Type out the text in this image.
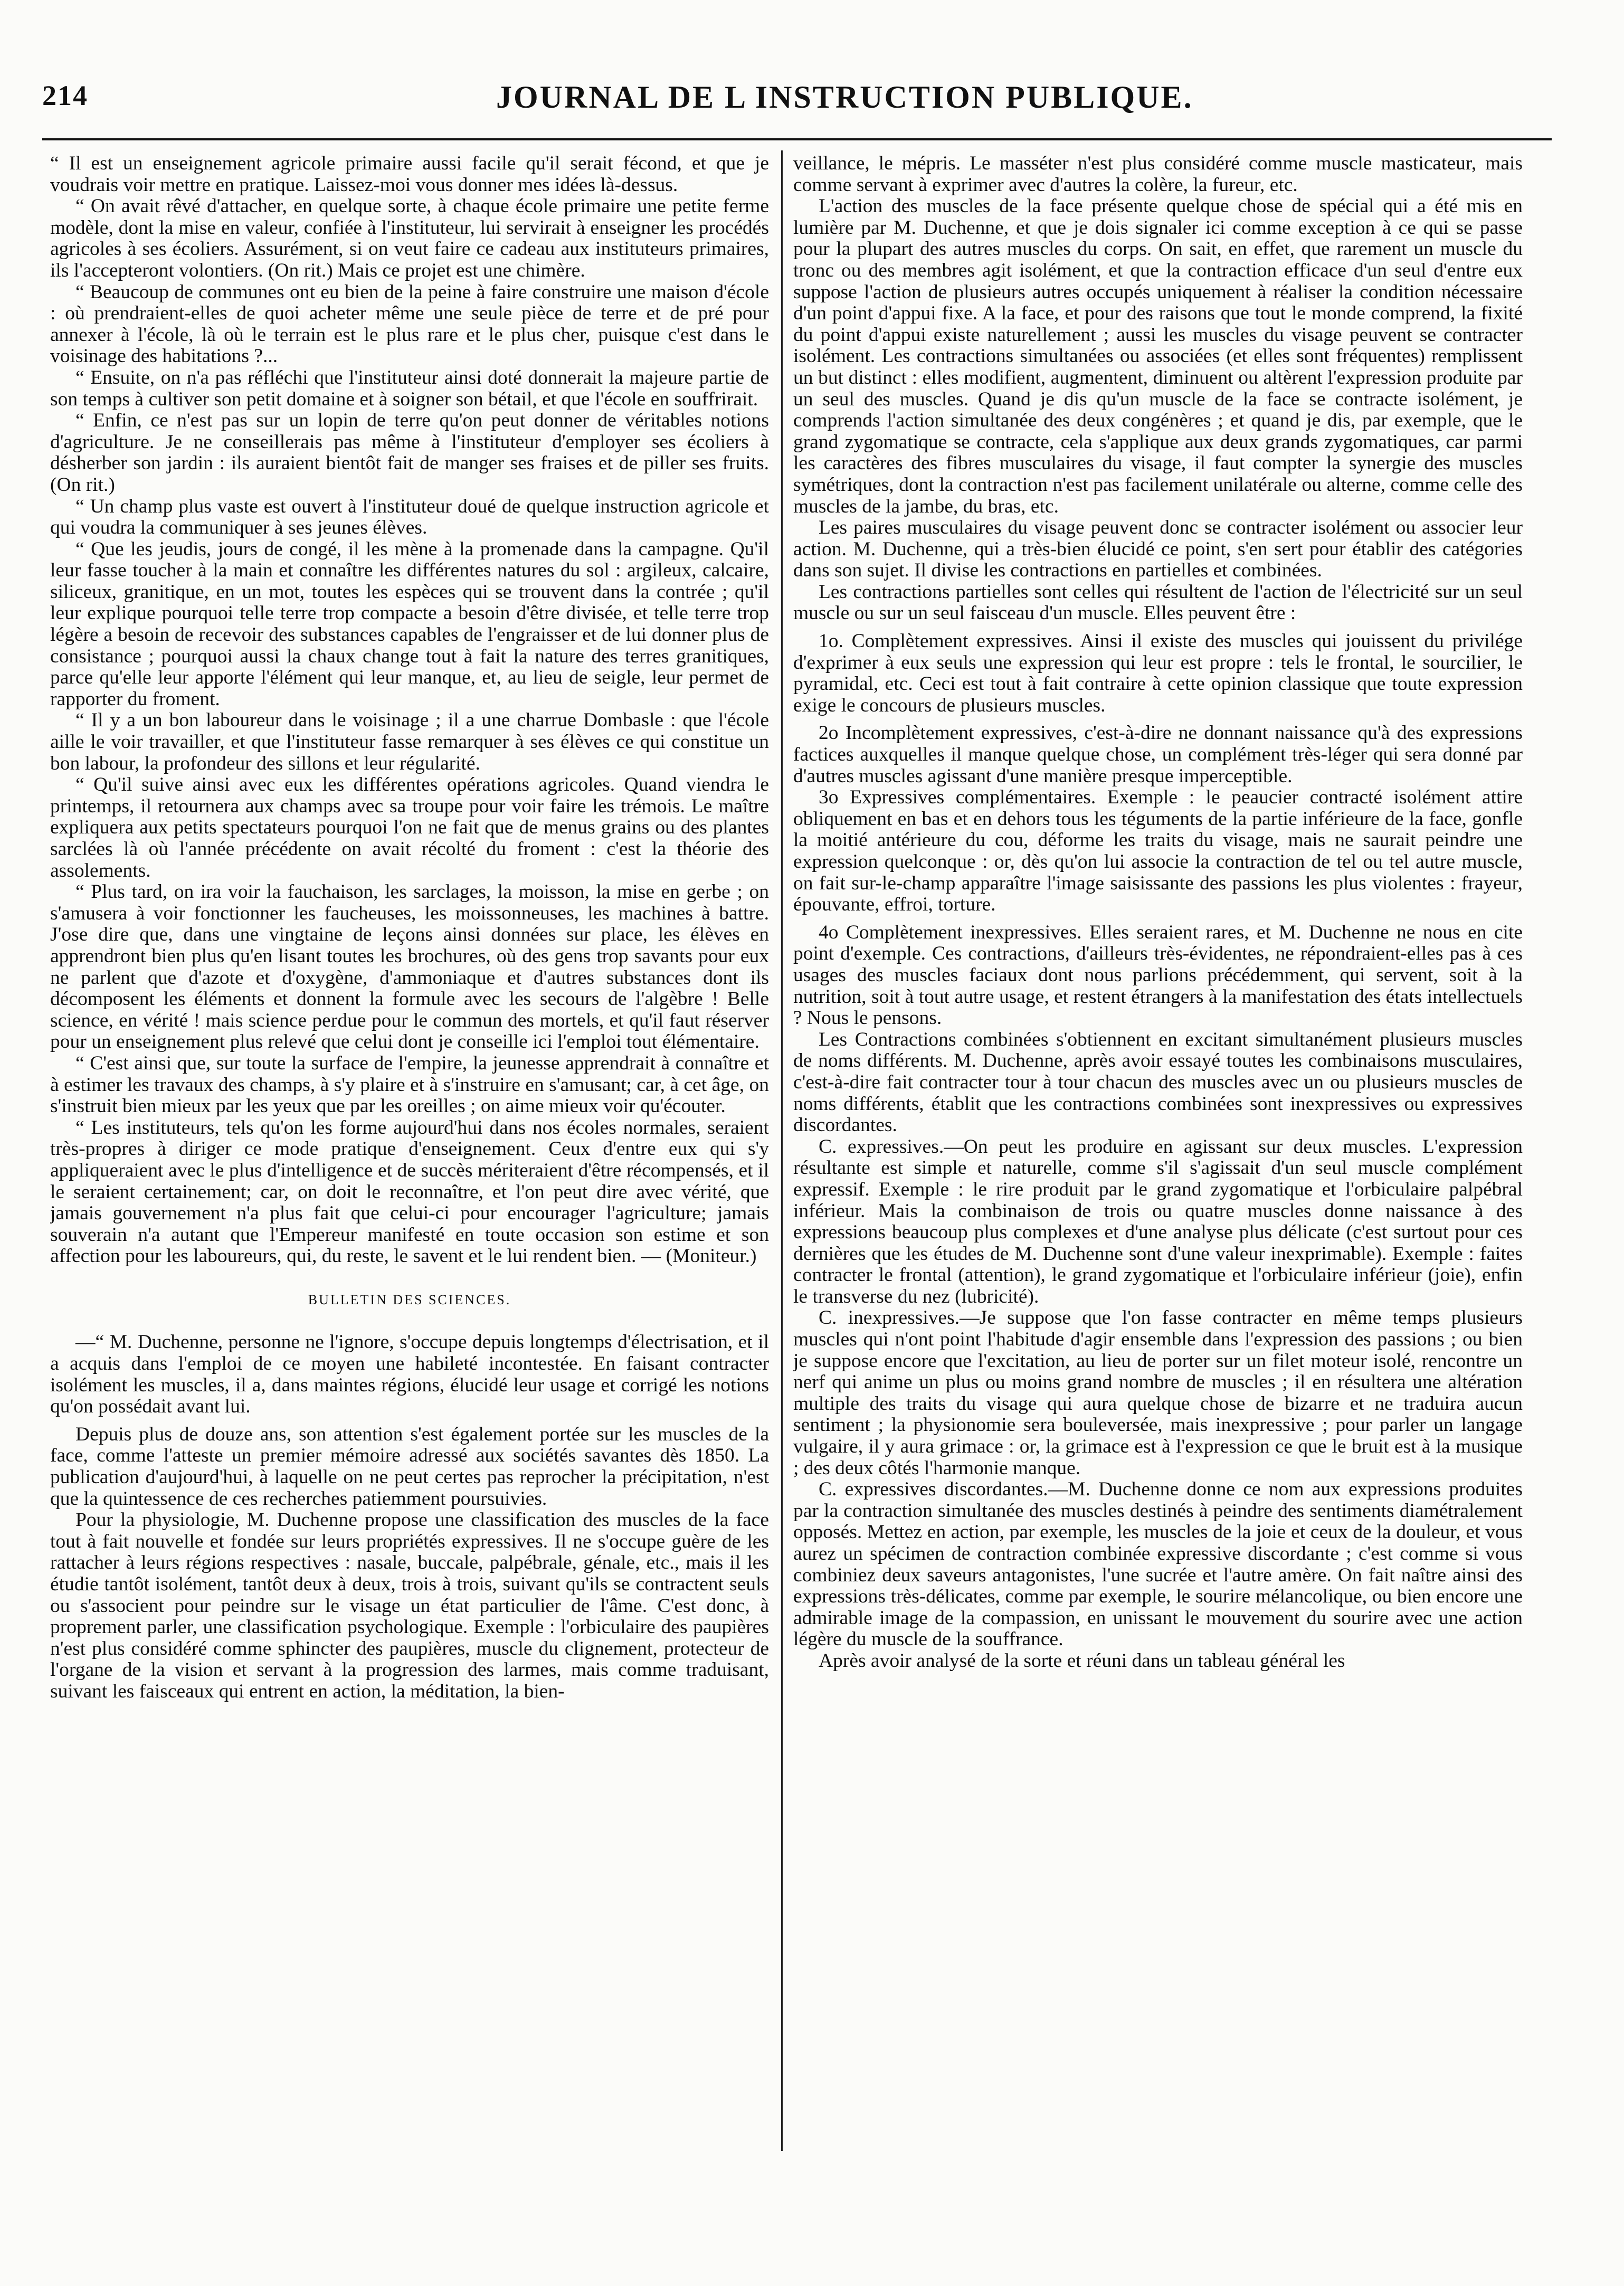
214	JOURNAL DE L INSTRUCTION PUBLIQUE.

“ Il est un enseignement agricole primaire aussi facile qu'il serait fécond, et que je voudrais voir mettre en pratique. Laissez-moi vous donner mes idées là-dessus.

“ On avait rêvé d'attacher, en quelque sorte, à chaque école primaire une petite ferme modèle, dont la mise en valeur, confiée à l'instituteur, lui servirait à enseigner les procédés agricoles à ses écoliers. Assurément, si on veut faire ce cadeau aux instituteurs primaires, ils l'accepteront volontiers. (On rit.) Mais ce projet est une chimère.

“ Beaucoup de communes ont eu bien de la peine à faire construire une maison d'école : où prendraient-elles de quoi acheter même une seule pièce de terre et de pré pour annexer à l'école, là où le terrain est le plus rare et le plus cher, puisque c'est dans le voisinage des habitations ?...

“ Ensuite, on n'a pas réfléchi que l'instituteur ainsi doté donnerait la majeure partie de son temps à cultiver son petit domaine et à soigner son bétail, et que l'école en souffrirait.

“ Enfin, ce n'est pas sur un lopin de terre qu'on peut donner de véritables notions d'agriculture. Je ne conseillerais pas même à l'instituteur d'employer ses écoliers à désherber son jardin : ils auraient bientôt fait de manger ses fraises et de piller ses fruits. (On rit.)

“ Un champ plus vaste est ouvert à l'instituteur doué de quelque instruction agricole et qui voudra la communiquer à ses jeunes élèves.

“ Que les jeudis, jours de congé, il les mène à la promenade dans la campagne. Qu'il leur fasse toucher à la main et connaître les différentes natures du sol : argileux, calcaire, siliceux, granitique, en un mot, toutes les espèces qui se trouvent dans la contrée ; qu'il leur explique pourquoi telle terre trop compacte a besoin d'être divisée, et telle terre trop légère a besoin de recevoir des substances capables de l'engraisser et de lui donner plus de consistance ; pourquoi aussi la chaux change tout à fait la nature des terres granitiques, parce qu'elle leur apporte l'élément qui leur manque, et, au lieu de seigle, leur permet de rapporter du froment.

“ Il y a un bon laboureur dans le voisinage ; il a une charrue Dombasle : que l'école aille le voir travailler, et que l'instituteur fasse remarquer à ses élèves ce qui constitue un bon labour, la profondeur des sillons et leur régularité.

“ Qu'il suive ainsi avec eux les différentes opérations agricoles. Quand viendra le printemps, il retournera aux champs avec sa troupe pour voir faire les trémois. Le maître expliquera aux petits spectateurs pourquoi l'on ne fait que de menus grains ou des plantes sarclées là où l'année précédente on avait récolté du froment : c'est la théorie des assolements.

“ Plus tard, on ira voir la fauchaison, les sarclages, la moisson, la mise en gerbe ; on s'amusera à voir fonctionner les faucheuses, les moissonneuses, les machines à battre. J'ose dire que, dans une vingtaine de leçons ainsi données sur place, les élèves en apprendront bien plus qu'en lisant toutes les brochures, où des gens trop savants pour eux ne parlent que d'azote et d'oxygène, d'ammoniaque et d'autres substances dont ils décomposent les éléments et donnent la formule avec les secours de l'algèbre ! Belle science, en vérité ! mais science perdue pour le commun des mortels, et qu'il faut réserver pour un enseignement plus relevé que celui dont je conseille ici l'emploi tout élémentaire.

“ C'est ainsi que, sur toute la surface de l'empire, la jeunesse apprendrait à connaître et à estimer les travaux des champs, à s'y plaire et à s'instruire en s'amusant; car, à cet âge, on s'instruit bien mieux par les yeux que par les oreilles ; on aime mieux voir qu'écouter.

“ Les instituteurs, tels qu'on les forme aujourd'hui dans nos écoles normales, seraient très-propres à diriger ce mode pratique d'enseignement. Ceux d'entre eux qui s'y appliqueraient avec le plus d'intelligence et de succès mériteraient d'être récompensés, et il le seraient certainement; car, on doit le reconnaître, et l'on peut dire avec vérité, que jamais gouvernement n'a plus fait que celui-ci pour encourager l'agriculture; jamais souverain n'a autant que l'Empereur manifesté en toute occasion son estime et son affection pour les laboureurs, qui, du reste, le savent et le lui rendent bien. — (Moniteur.)

BULLETIN DES SCIENCES.

—“ M. Duchenne, personne ne l'ignore, s'occupe depuis longtemps d'électrisation, et il a acquis dans l'emploi de ce moyen une habileté incontestée. En faisant contracter isolément les muscles, il a, dans maintes régions, élucidé leur usage et corrigé les notions qu'on possédait avant lui.

Depuis plus de douze ans, son attention s'est également portée sur les muscles de la face, comme l'atteste un premier mémoire adressé aux sociétés savantes dès 1850. La publication d'aujourd'hui, à laquelle on ne peut certes pas reprocher la précipitation, n'est que la quintessence de ces recherches patiemment poursuivies.

Pour la physiologie, M. Duchenne propose une classification des muscles de la face tout à fait nouvelle et fondée sur leurs propriétés expressives. Il ne s'occupe guère de les rattacher à leurs régions respectives : nasale, buccale, palpébrale, génale, etc., mais il les étudie tantôt isolément, tantôt deux à deux, trois à trois, suivant qu'ils se contractent seuls ou s'associent pour peindre sur le visage un état particulier de l'âme. C'est donc, à proprement parler, une classification psychologique. Exemple : l'orbiculaire des paupières n'est plus considéré comme sphincter des paupières, muscle du clignement, protecteur de l'organe de la vision et servant à la progression des larmes, mais comme traduisant, suivant les faisceaux qui entrent en action, la méditation, la bien-

veillance, le mépris. Le masséter n'est plus considéré comme muscle masticateur, mais comme servant à exprimer avec d'autres la colère, la fureur, etc.

L'action des muscles de la face présente quelque chose de spécial qui a été mis en lumière par M. Duchenne, et que je dois signaler ici comme exception à ce qui se passe pour la plupart des autres muscles du corps. On sait, en effet, que rarement un muscle du tronc ou des membres agit isolément, et que la contraction efficace d'un seul d'entre eux suppose l'action de plusieurs autres occupés uniquement à réaliser la condition nécessaire d'un point d'appui fixe. A la face, et pour des raisons que tout le monde comprend, la fixité du point d'appui existe naturellement ; aussi les muscles du visage peuvent se contracter isolément. Les contractions simultanées ou associées (et elles sont fréquentes) remplissent un but distinct : elles modifient, augmentent, diminuent ou altèrent l'expression produite par un seul des muscles. Quand je dis qu'un muscle de la face se contracte isolément, je comprends l'action simultanée des deux congénères ; et quand je dis, par exemple, que le grand zygomatique se contracte, cela s'applique aux deux grands zygomatiques, car parmi les caractères des fibres musculaires du visage, il faut compter la synergie des muscles symétriques, dont la contraction n'est pas facilement unilatérale ou alterne, comme celle des muscles de la jambe, du bras, etc.

Les paires musculaires du visage peuvent donc se contracter isolément ou associer leur action. M. Duchenne, qui a très-bien élucidé ce point, s'en sert pour établir des catégories dans son sujet. Il divise les contractions en partielles et combinées.

Les contractions partielles sont celles qui résultent de l'action de l'électricité sur un seul muscle ou sur un seul faisceau d'un muscle. Elles peuvent être :

1o. Complètement expressives. Ainsi il existe des muscles qui jouissent du privilége d'exprimer à eux seuls une expression qui leur est propre : tels le frontal, le sourcilier, le pyramidal, etc. Ceci est tout à fait contraire à cette opinion classique que toute expression exige le concours de plusieurs muscles.

2o Incomplètement expressives, c'est-à-dire ne donnant naissance qu'à des expressions factices auxquelles il manque quelque chose, un complément très-léger qui sera donné par d'autres muscles agissant d'une manière presque imperceptible.

3o Expressives complémentaires. Exemple : le peaucier contracté isolément attire obliquement en bas et en dehors tous les téguments de la partie inférieure de la face, gonfle la moitié antérieure du cou, déforme les traits du visage, mais ne saurait peindre une expression quelconque : or, dès qu'on lui associe la contraction de tel ou tel autre muscle, on fait sur-le-champ apparaître l'image saisissante des passions les plus violentes : frayeur, épouvante, effroi, torture.

4o Complètement inexpressives. Elles seraient rares, et M. Duchenne ne nous en cite point d'exemple. Ces contractions, d'ailleurs très-évidentes, ne répondraient-elles pas à ces usages des muscles faciaux dont nous parlions précédemment, qui servent, soit à la nutrition, soit à tout autre usage, et restent étrangers à la manifestation des états intellectuels ? Nous le pensons.

Les Contractions combinées s'obtiennent en excitant simultanément plusieurs muscles de noms différents. M. Duchenne, après avoir essayé toutes les combinaisons musculaires, c'est-à-dire fait contracter tour à tour chacun des muscles avec un ou plusieurs muscles de noms différents, établit que les contractions combinées sont inexpressives ou expressives discordantes.

C. expressives.—On peut les produire en agissant sur deux muscles. L'expression résultante est simple et naturelle, comme s'il s'agissait d'un seul muscle complément expressif. Exemple : le rire produit par le grand zygomatique et l'orbiculaire palpébral inférieur. Mais la combinaison de trois ou quatre muscles donne naissance à des expressions beaucoup plus complexes et d'une analyse plus délicate (c'est surtout pour ces dernières que les études de M. Duchenne sont d'une valeur inexprimable). Exemple : faites contracter le frontal (attention), le grand zygomatique et l'orbiculaire inférieur (joie), enfin le transverse du nez (lubricité).

C. inexpressives.—Je suppose que l'on fasse contracter en même temps plusieurs muscles qui n'ont point l'habitude d'agir ensemble dans l'expression des passions ; ou bien je suppose encore que l'excitation, au lieu de porter sur un filet moteur isolé, rencontre un nerf qui anime un plus ou moins grand nombre de muscles ; il en résultera une altération multiple des traits du visage qui aura quelque chose de bizarre et ne traduira aucun sentiment ; la physionomie sera bouleversée, mais inexpressive ; pour parler un langage vulgaire, il y aura grimace : or, la grimace est à l'expression ce que le bruit est à la musique ; des deux côtés l'harmonie manque.

C. expressives discordantes.—M. Duchenne donne ce nom aux expressions produites par la contraction simultanée des muscles destinés à peindre des sentiments diamétralement opposés. Mettez en action, par exemple, les muscles de la joie et ceux de la douleur, et vous aurez un spécimen de contraction combinée expressive discordante ; c'est comme si vous combiniez deux saveurs antagonistes, l'une sucrée et l'autre amère. On fait naître ainsi des expressions très-délicates, comme par exemple, le sourire mélancolique, ou bien encore une admirable image de la compassion, en unissant le mouvement du sourire avec une action légère du muscle de la souffrance.

Après avoir analysé de la sorte et réuni dans un tableau général les
